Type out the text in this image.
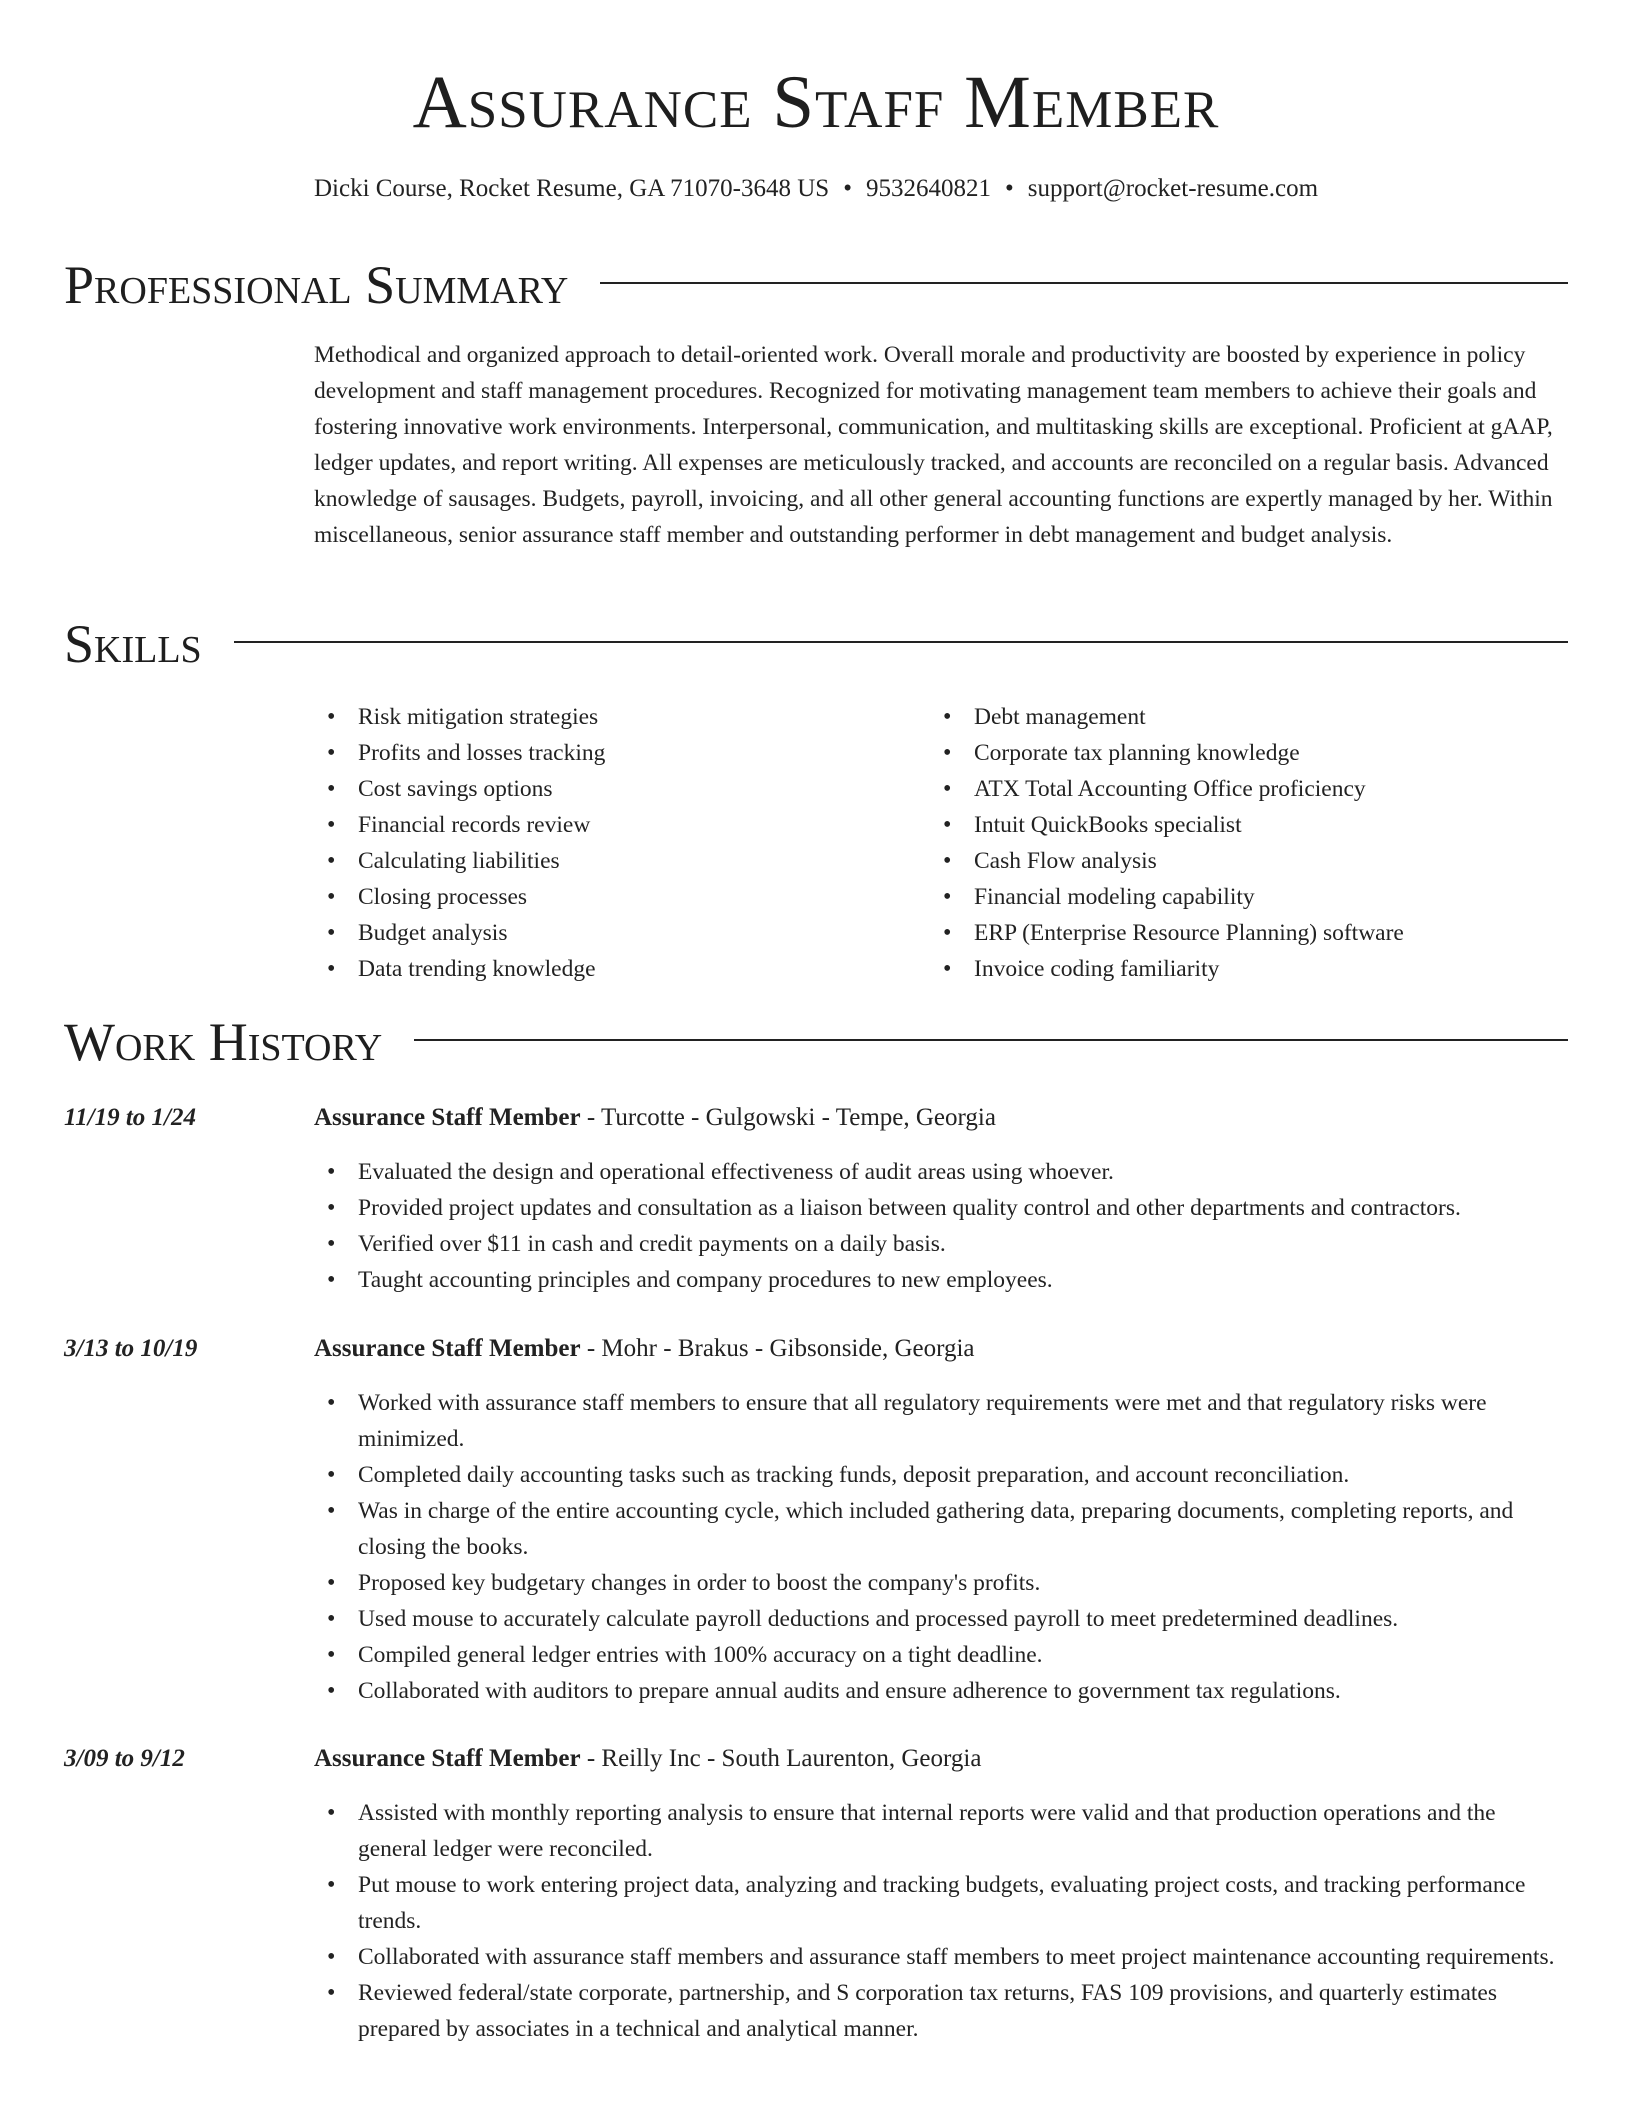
Assurance Staff Member
Dicki Course, Rocket Resume, GA 71070-3648 US • 9532640821 • support@rocket-resume.com
Professional Summary

Methodical and organized approach to detail-oriented work. Overall morale and productivity are boosted by experience in policy development and staff management procedures. Recognized for motivating management team members to achieve their goals and fostering innovative work environments. Interpersonal, communication, and multitasking skills are exceptional. Proficient at gAAP, ledger updates, and report writing. All expenses are meticulously tracked, and accounts are reconciled on a regular basis. Advanced knowledge of sausages. Budgets, payroll, invoicing, and all other general accounting functions are expertly managed by her. Within miscellaneous, senior assurance staff member and outstanding performer in debt management and budget analysis.

Skills
• Risk mitigation strategies
• Profits and losses tracking
• Cost savings options
• Financial records review
• Calculating liabilities
• Closing processes
• Budget analysis
• Data trending knowledge
• Debt management
• Corporate tax planning knowledge
• ATX Total Accounting Office proficiency
• Intuit QuickBooks specialist
• Cash Flow analysis
• Financial modeling capability
• ERP (Enterprise Resource Planning) software
• Invoice coding familiarity
Work History
11/19 to 1/24	Assurance Staff Member - Turcotte - Gulgowski - Tempe, Georgia
• Evaluated the design and operational effectiveness of audit areas using whoever.
• Provided project updates and consultation as a liaison between quality control and other departments and contractors.
• Verified over $11 in cash and credit payments on a daily basis.
• Taught accounting principles and company procedures to new employees.
3/13 to 10/19	Assurance Staff Member - Mohr - Brakus - Gibsonside, Georgia
• Worked with assurance staff members to ensure that all regulatory requirements were met and that regulatory risks were minimized.
• Completed daily accounting tasks such as tracking funds, deposit preparation, and account reconciliation.
• Was in charge of the entire accounting cycle, which included gathering data, preparing documents, completing reports, and closing the books.
• Proposed key budgetary changes in order to boost the company's profits.
• Used mouse to accurately calculate payroll deductions and processed payroll to meet predetermined deadlines.
• Compiled general ledger entries with 100% accuracy on a tight deadline.
• Collaborated with auditors to prepare annual audits and ensure adherence to government tax regulations.
3/09 to 9/12	Assurance Staff Member - Reilly Inc - South Laurenton, Georgia
• Assisted with monthly reporting analysis to ensure that internal reports were valid and that production operations and the general ledger were reconciled.
• Put mouse to work entering project data, analyzing and tracking budgets, evaluating project costs, and tracking performance trends.
• Collaborated with assurance staff members and assurance staff members to meet project maintenance accounting requirements.
• Reviewed federal/state corporate, partnership, and S corporation tax returns, FAS 109 provisions, and quarterly estimates prepared by associates in a technical and analytical manner.
